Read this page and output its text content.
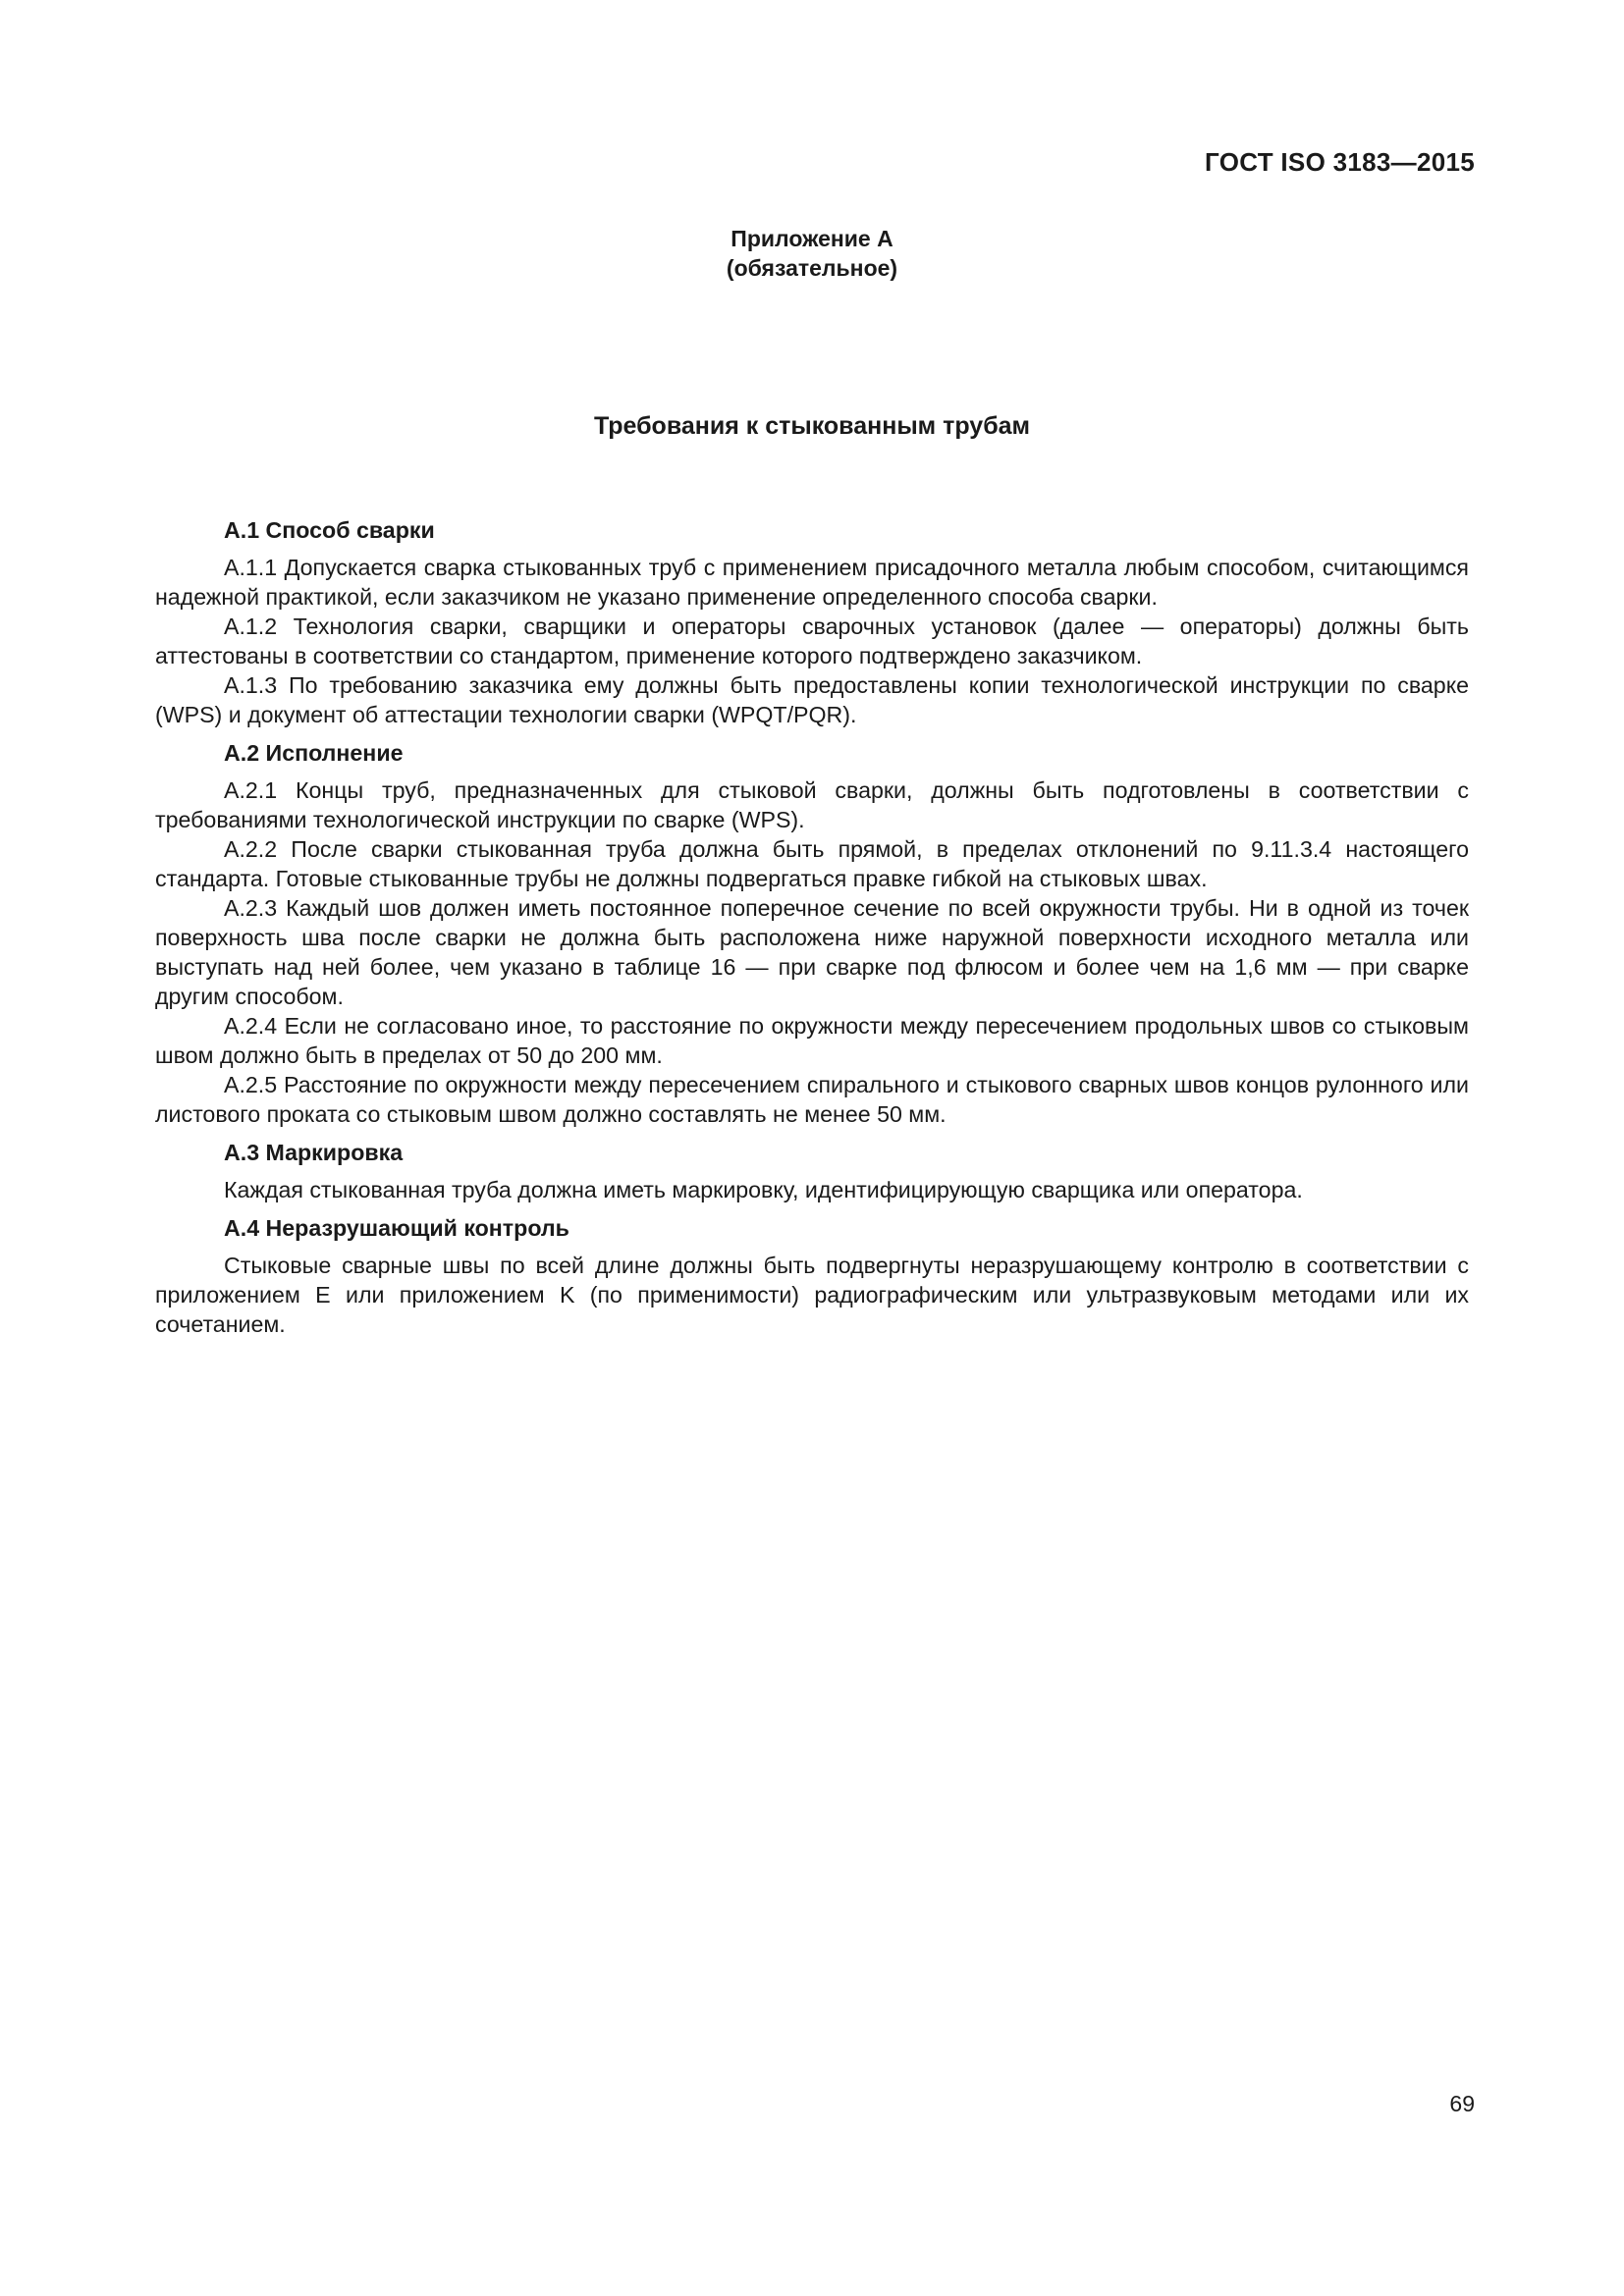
ГОСТ ISO 3183—2015
Приложение А
(обязательное)
Требования к стыкованным трубам

А.1 Способ сварки

А.1.1 Допускается сварка стыкованных труб с применением присадочного металла любым способом, считающимся надежной практикой, если заказчиком не указано применение определенного способа сварки.

А.1.2 Технология сварки, сварщики и операторы сварочных установок (далее — операторы) должны быть аттестованы в соответствии со стандартом, применение которого подтверждено заказчиком.

А.1.3 По требованию заказчика ему должны быть предоставлены копии технологической инструкции по сварке (WPS) и документ об аттестации технологии сварки (WPQT/PQR).

А.2 Исполнение

А.2.1 Концы труб, предназначенных для стыковой сварки, должны быть подготовлены в соответствии с требованиями технологической инструкции по сварке (WPS).

А.2.2 После сварки стыкованная труба должна быть прямой, в пределах отклонений по 9.11.3.4 настоящего стандарта. Готовые стыкованные трубы не должны подвергаться правке гибкой на стыковых швах.

А.2.3 Каждый шов должен иметь постоянное поперечное сечение по всей окружности трубы. Ни в одной из точек поверхность шва после сварки не должна быть расположена ниже наружной поверхности исходного металла или выступать над ней более, чем указано в таблице 16 — при сварке под флюсом и более чем на 1,6 мм — при сварке другим способом.

А.2.4 Если не согласовано иное, то расстояние по окружности между пересечением продольных швов со стыковым швом должно быть в пределах от 50 до 200 мм.

А.2.5 Расстояние по окружности между пересечением спирального и стыкового сварных швов концов рулонного или листового проката со стыковым швом должно составлять не менее 50 мм.

А.3 Маркировка

Каждая стыкованная труба должна иметь маркировку, идентифицирующую сварщика или оператора.

А.4 Неразрушающий контроль

Стыковые сварные швы по всей длине должны быть подвергнуты неразрушающему контролю в соответствии с приложением Е или приложением K (по применимости) радиографическим или ультразвуковым методами или их сочетанием.

69
